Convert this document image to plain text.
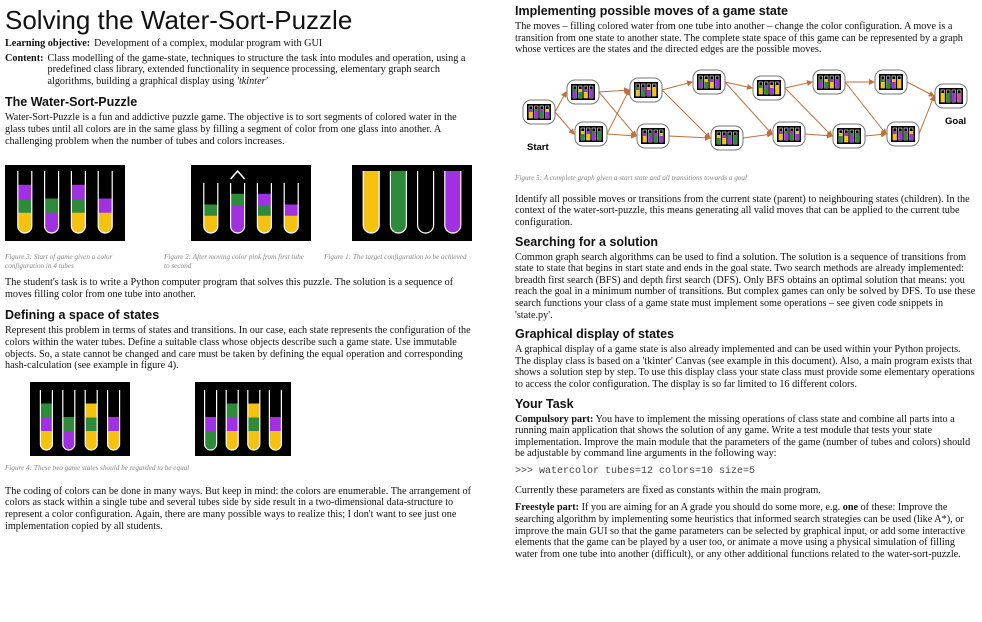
Solving the Water-Sort-Puzzle
Learning objective: Development of a complex, modular program with GUI
Content: Class modelling of the game-state, techniques to structure the task into modules and operation, using a predefined class library, extended functionality in sequence processing, elementary graph search algorithms, building a graphical display using 'tkinter'
The Water-Sort-Puzzle

Water-Sort-Puzzle is a fun and addictive puzzle game. The objective is to sort segments of colored water in the glass tubes until all colors are in the same glass by filling a segment of color from one glass into another. A challenging problem when the number of tubes and colors increases.

Figure 3: Start of game given a color configuration in 4 tubes

Figure 2: After moving color pink from first tube to second

Figure 1: The target configuration to be achieved

The student's task is to write a Python computer program that solves this puzzle. The solution is a sequence of moves filling color from one tube into another.

Defining a space of states

Represent this problem in terms of states and transitions. In our case, each state represents the configuration of the colors within the water tubes. Define a suitable class whose objects describe such a game state. Use immutable objects. So, a state cannot be changed and care must be taken by defining the equal operation and corresponding hash-calculation (see example in figure 4).

Figure 4: These two game states should be regarded to be equal

The coding of colors can be done in many ways. But keep in mind: the colors are enumerable. The arrangement of colors as stack within a single tube and several tubes side by side result in a two-dimensional data-structure to represent a color configuration. Again, there are many possible ways to realize this; I don't want to see just one implementation copied by all students.

Implementing possible moves of a game state

The moves – filling colored water from one tube into another – change the color configuration. A move is a transition from one state to another state. The complete state space of this game can be represented by a graph whose vertices are the states and the directed edges are the possible moves.

Start
Goal

Figure 5: A complete graph given a start state and all transitions towards a goal

Identify all possible moves or transitions from the current state (parent) to neighbouring states (children). In the context of the water-sort-puzzle, this means generating all valid moves that can be applied to the current tube configuration.

Searching for a solution

Common graph search algorithms can be used to find a solution. The solution is a sequence of transitions from state to state that begins in start state and ends in the goal state. Two search methods are already implemented: breadth first search (BFS) and depth first search (DFS). Only BFS obtains an optimal solution that means: you reach the goal in a minimum number of transitions. But complex games can only be solved by DFS. To use these search functions your class of a game state must implement some operations – see given code snippets in 'state.py'.

Graphical display of states

A graphical display of a game state is also already implemented and can be used within your Python projects. The display class is based on a 'tkinter' Canvas (see example in this document). Also, a main program exists that shows a solution step by step. To use this display class your state class must provide some elementary operations to access the color configuration. The display is so far limited to 16 different colors.

Your Task

Compulsory part: You have to implement the missing operations of class state and combine all parts into a running main application that shows the solution of any game. Write a test module that tests your state implementation. Improve the main module that the parameters of the game (number of tubes and colors) should be adjustable by command line arguments in the following way:

>>> watercolor tubes=12 colors=10 size=5

Currently these parameters are fixed as constants within the main program.

Freestyle part: If you are aiming for an A grade you should do some more, e.g. one of these: Improve the searching algorithm by implementing some heuristics that informed search strategies can be used (like A*), or improve the main GUI so that the game parameters can be selected by graphical input, or add some interactive elements that the game can be played by a user too, or animate a move using a physical simulation of filling water from one tube into another (difficult), or any other additional functions related to the water-sort-puzzle.
